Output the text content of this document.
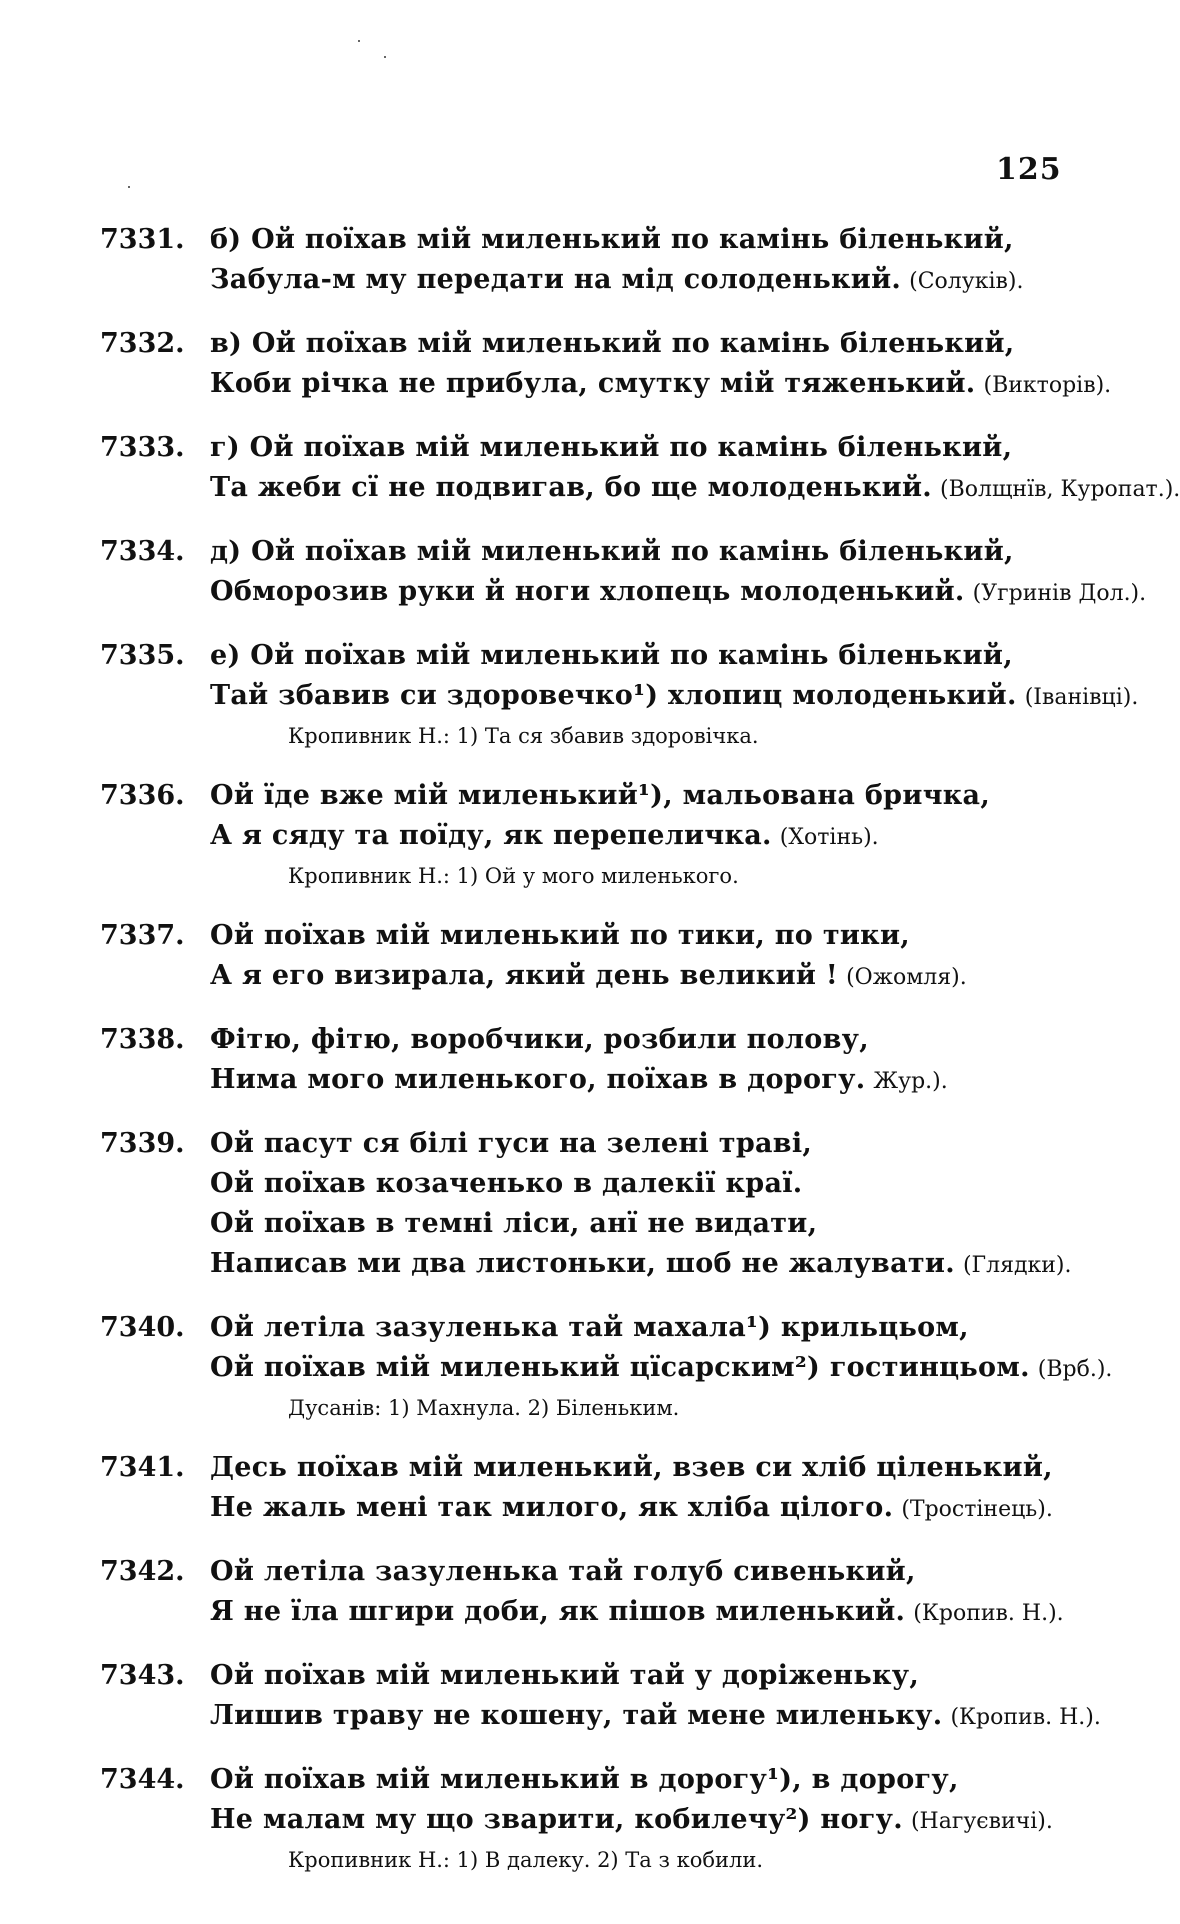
125
7331. б) Ой поїхав мій миленький по камінь біленький,
Забула-м му передати на мід солоденький. (Солуків).
7332. в) Ой поїхав мій миленький по камінь біленький,
Коби річка не прибула, смутку мій тяженький. (Викторів).
7333. г) Ой поїхав мій миленький по камінь біленький,
Та жеби сї не подвигав, бо ще молоденький. (Волщнїв, Куропат.).
7334. д) Ой поїхав мій миленький по камінь біленький,
Обморозив руки й ноги хлопець молоденький. (Угринів Дол.).
7335. е) Ой поїхав мій миленький по камінь біленький,
Тай збавив си здоровечко¹) хлопиц молоденький. (Іванівці).
Кропивник Н.: 1) Та ся збавив здоровічка.
7336. Ой їде вже мій миленький¹), мальована бричка,
А я сяду та поїду, як перепеличка. (Хотінь).
Кропивник Н.: 1) Ой у мого миленького.
7337. Ой поїхав мій миленький по тики, по тики,
А я его визирала, який день великий ! (Ожомля).
7338. Фітю, фітю, воробчики, розбили полову,
Нима мого миленького, поїхав в дорогу. Жур.).
7339. Ой пасут ся білі гуси на зелені траві,
Ой поїхав козаченько в далекії краї.
Ой поїхав в темні ліси, анї не видати,
Написав ми два листоньки, шоб не жалувати. (Глядки).
7340. Ой летіла зазуленька тай махала¹) крильцьом,
Ой поїхав мій миленький цїсарским²) гостинцьом. (Врб.).
Дусанів: 1) Махнула. 2) Біленьким.
7341. Десь поїхав мій миленький, взев си хліб ціленький,
Не жаль мені так милого, як хліба цілого. (Тростінець).
7342. Ой летіла зазуленька тай голуб сивенький,
Я не їла шгири доби, як пішов миленький. (Кропив. Н.).
7343. Ой поїхав мій миленький тай у доріженьку,
Лишив траву не кошену, тай мене миленьку. (Кропив. Н.).
7344. Ой поїхав мій миленький в дорогу¹), в дорогу,
Не малам му що зварити, кобилечу²) ногу. (Нагуєвичі).
Кропивник Н.: 1) В далеку. 2) Та з кобили.
